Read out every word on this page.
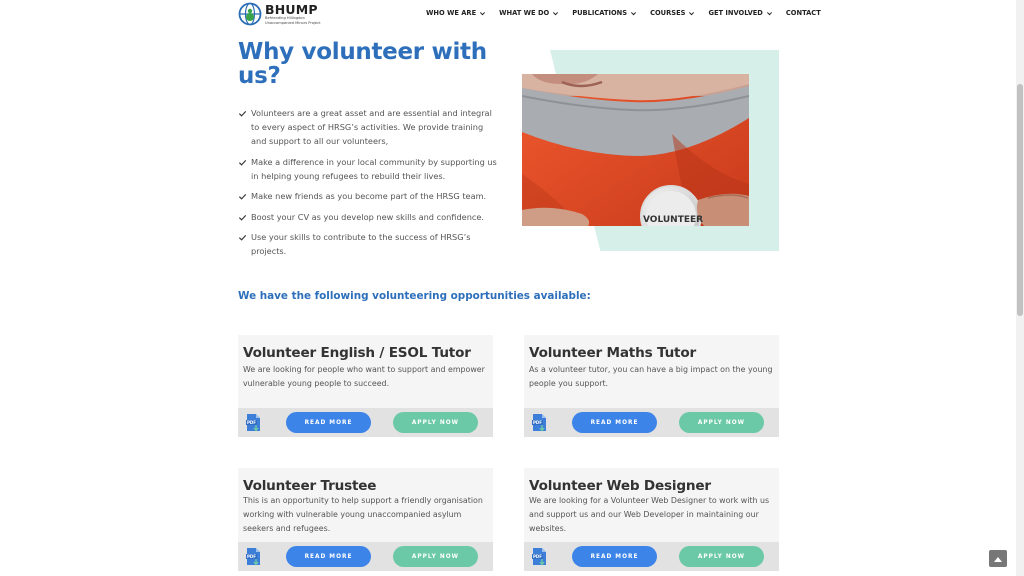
BHUMP
Befriending Hillingdon
Unaccompanied Minors Project
WHO WE ARE	WHAT WE DO	PUBLICATIONS	COURSES	GET INVOLVED	CONTACT
Why volunteer with us?
Volunteers are a great asset and are essential and integral to every aspect of HRSG’s activities. We provide training and support to all our volunteers,
Make a difference in your local community by supporting us in helping young refugees to rebuild their lives.
Make new friends as you become part of the HRSG team.
Boost your CV as you develop new skills and confidence.
Use your skills to contribute to the success of HRSG’s projects.
VOLUNTEER
We have the following volunteering opportunities available:
Volunteer English / ESOL Tutor

We are looking for people who want to support and empower vulnerable young people to succeed.

PDF	READ MORE	APPLY NOW
Volunteer Maths Tutor

As a volunteer tutor, you can have a big impact on the young people you support.

PDF	READ MORE	APPLY NOW
Volunteer Trustee

This is an opportunity to help support a friendly organisation working with vulnerable young unaccompanied asylum seekers and refugees.

PDF	READ MORE	APPLY NOW
Volunteer Web Designer

We are looking for a Volunteer Web Designer to work with us and support us and our Web Developer in maintaining our websites.

PDF	READ MORE	APPLY NOW
